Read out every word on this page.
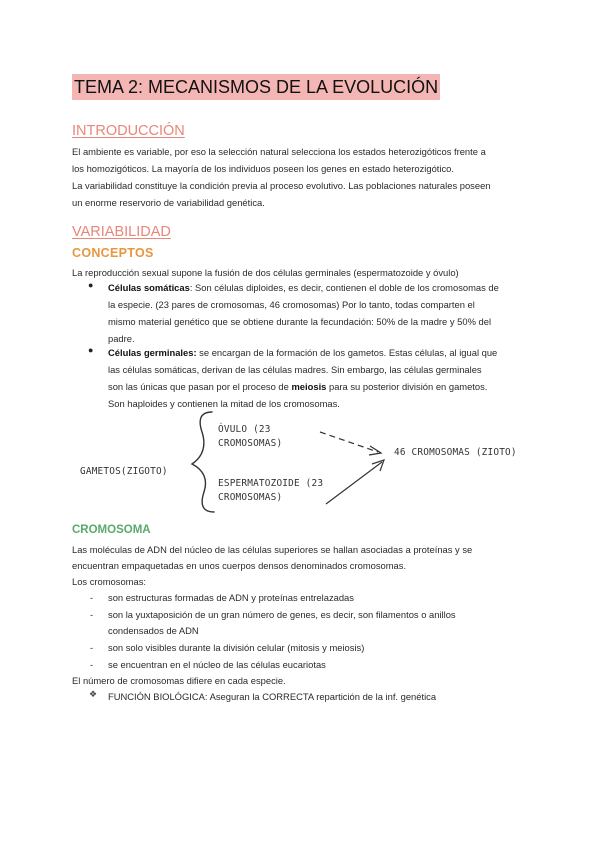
TEMA 2: MECANISMOS DE LA EVOLUCIÓN
INTRODUCCIÓN
El ambiente es variable, por eso la selección natural selecciona los estados heterozigóticos frente a
los homozigóticos. La mayoría de los individuos poseen los genes en estado heterozigótico.
La variabilidad constituye la condición previa al proceso evolutivo. Las poblaciones naturales poseen
un enorme reservorio de variabilidad genética.
VARIABILIDAD
CONCEPTOS
La reproducción sexual supone la fusión de dos células germinales (espermatozoide y óvulo)
● Células somáticas: Son células diploides, es decir, contienen el doble de los cromosomas de
la especie. (23 pares de cromosomas, 46 cromosomas) Por lo tanto, todas comparten el
mismo material genético que se obtiene durante la fecundación: 50% de la madre y 50% del
padre.
● Células germinales: se encargan de la formación de los gametos. Estas células, al igual que
las células somáticas, derivan de las células madres. Sin embargo, las células germinales
son las únicas que pasan por el proceso de meiosis para su posterior división en gametos.
Son haploides y contienen la mitad de los cromosomas.
GAMETOS(ZIGOTO)
ÓVULO (23
CROMOSOMAS)
ESPERMATOZOIDE (23
CROMOSOMAS)
46 CROMOSOMAS (ZIOTO)
CROMOSOMA
Las moléculas de ADN del núcleo de las células superiores se hallan asociadas a proteínas y se
encuentran empaquetadas en unos cuerpos densos denominados cromosomas.
Los cromosomas:
- son estructuras formadas de ADN y proteínas entrelazadas
- son la yuxtaposición de un gran número de genes, es decir, son filamentos o anillos
condensados de ADN
- son solo visibles durante la división celular (mitosis y meiosis)
- se encuentran en el núcleo de las células eucariotas
El número de cromosomas difiere en cada especie.
❖ FUNCIÓN BIOLÓGICA: Aseguran la CORRECTA repartición de la inf. genética
